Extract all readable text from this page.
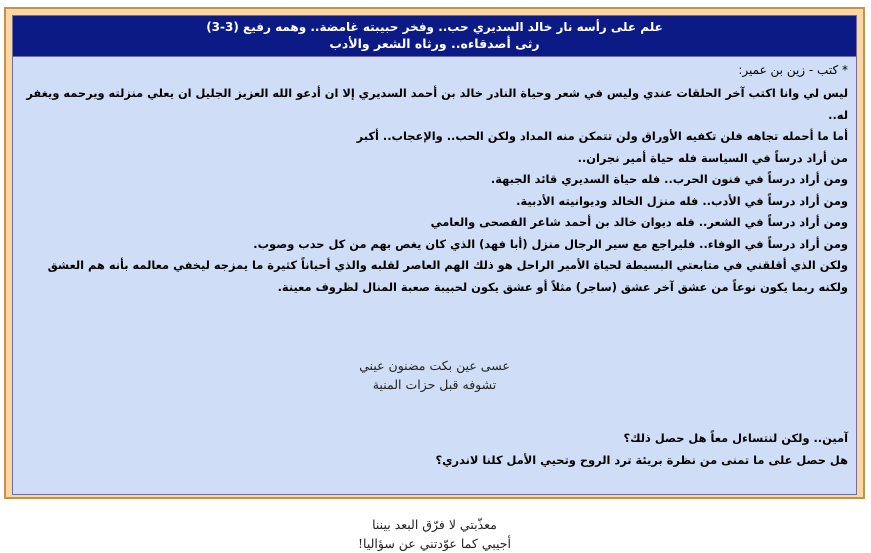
علم على رأسه نار خالد السديري حب.. وفخر حبيبته غامضة.. وهمه رفيع (3-3)
رثى أصدقاءه.. ورثاه الشعر والأدب
* كتب - زين بن عمير:
ليس لي وانا اكتب آخر الحلقات عندي وليس في شعر وحياة النادر خالد بن أحمد السديري إلا ان أدعو الله العزيز الجليل ان يعلي منزلته ويرحمه ويغفر له..
أما ما أحمله تجاهه فلن تكفيه الأوراق ولن تتمكن منه المداد ولكن الحب.. والإعجاب.. أكبر
من أراد درساً في السياسة فله حياة أمير نجران..
ومن أراد درساً في فنون الحرب.. فله حياة السديري قائد الجبهة.
ومن أراد درساً في الأدب.. فله منزل الخالد وديوانيته الأدبية.
ومن أراد درساً في الشعر.. فله ديوان خالد بن أحمد شاعر الفصحى والعامي
ومن أراد درساً في الوفاء.. فليراجع مع سير الرجال منزل (أبا فهد) الذي كان يغص بهم من كل حدب وصوب.
ولكن الذي أقلقني في متابعتي البسيطة لحياة الأمير الراحل هو ذلك الهم العاصر لقلبه والذي أحياناً كثيرة ما يمزجه ليخفي معالمه بأنه هم العشق ولكنه ربما يكون نوعاً من عشق آخر عشق (ساجر) مثلاً أو عشق يكون لحبيبة صعبة المنال لظروف معينة.
عسى عين بكت مضنون عيني
تشوفه قبل حزات المنية
آمين.. ولكن لنتساءل معاً هل حصل ذلك؟
هل حصل على ما تمنى من نظرة بريئة ترد الروح وتحيي الأمل كلنا لاندري؟
معذّبتي لا فرّق البعد بيننا
أجيبي كما عوّدتني عن سؤاليا!
